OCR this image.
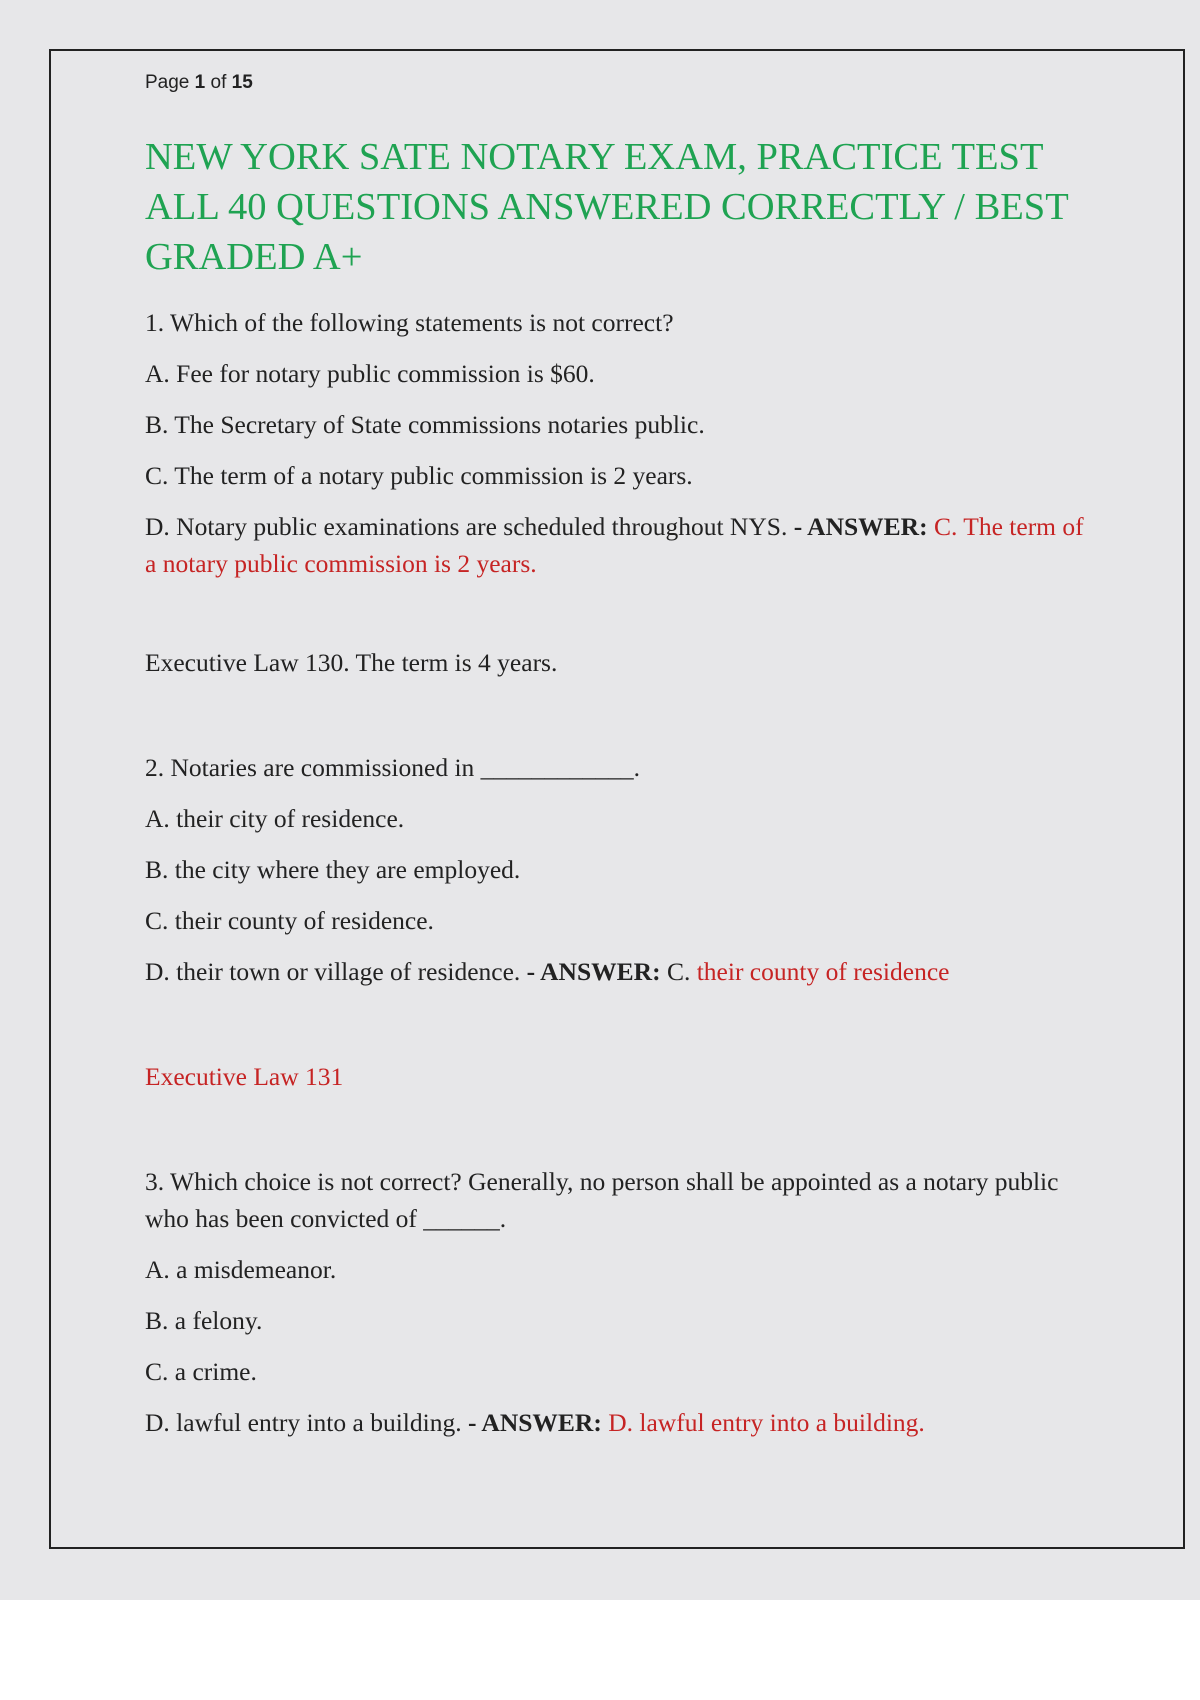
Page 1 of 15
NEW YORK SATE NOTARY EXAM, PRACTICE TEST ALL 40 QUESTIONS ANSWERED CORRECTLY / BEST GRADED A+

1. Which of the following statements is not correct?

A. Fee for notary public commission is $60.

B. The Secretary of State commissions notaries public.

C. The term of a notary public commission is 2 years.

D. Notary public examinations are scheduled throughout NYS. - ANSWER: C. The term of a notary public commission is 2 years.

Executive Law 130. The term is 4 years.

2. Notaries are commissioned in ____________.

A. their city of residence.

B. the city where they are employed.

C. their county of residence.

D. their town or village of residence. - ANSWER: C. their county of residence

Executive Law 131

3. Which choice is not correct? Generally, no person shall be appointed as a notary public who has been convicted of ______.

A. a misdemeanor.

B. a felony.

C. a crime.

D. lawful entry into a building. - ANSWER: D. lawful entry into a building.
